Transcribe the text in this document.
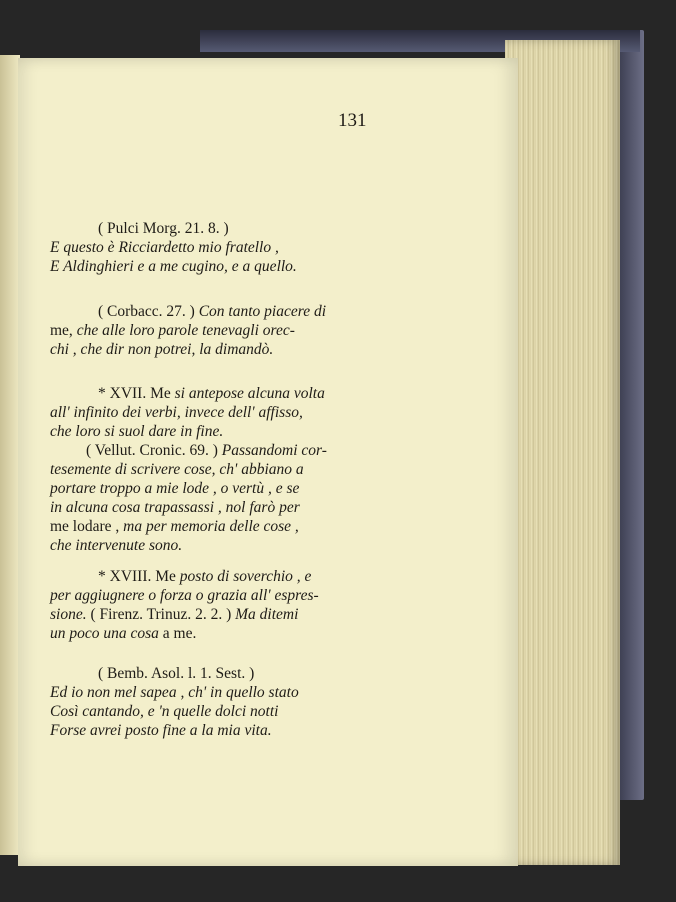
131
( Pulci Morg. 21. 8. )
E questo è Ricciardetto mio fratello ,
E Aldinghieri e a me cugino, e a quello.
( Corbacc. 27. ) Con tanto piacere di
me, che alle loro parole tenevagli orec-
chi , che dir non potrei, la dimandò.
* XVII. Me si antepose alcuna volta
all' infinito dei verbi, invece dell' affisso,
che loro si suol dare in fine.
( Vellut. Cronic. 69. ) Passandomi cor-
tesemente di scrivere cose, ch' abbiano a
portare troppo a mie lode , o vertù , e se
in alcuna cosa trapassassi , nol farò per
me lodare , ma per memoria delle cose ,
che intervenute sono.
* XVIII. Me posto di soverchio , e
per aggiugnere o forza o grazia all' espres-
sione. ( Firenz. Trinuz. 2. 2. ) Ma ditemi
un poco una cosa a me.
( Bemb. Asol. l. 1. Sest. )
Ed io non mel sapea , ch' in quello stato
Così cantando, e 'n quelle dolci notti
Forse avrei posto fine a la mia vita.
